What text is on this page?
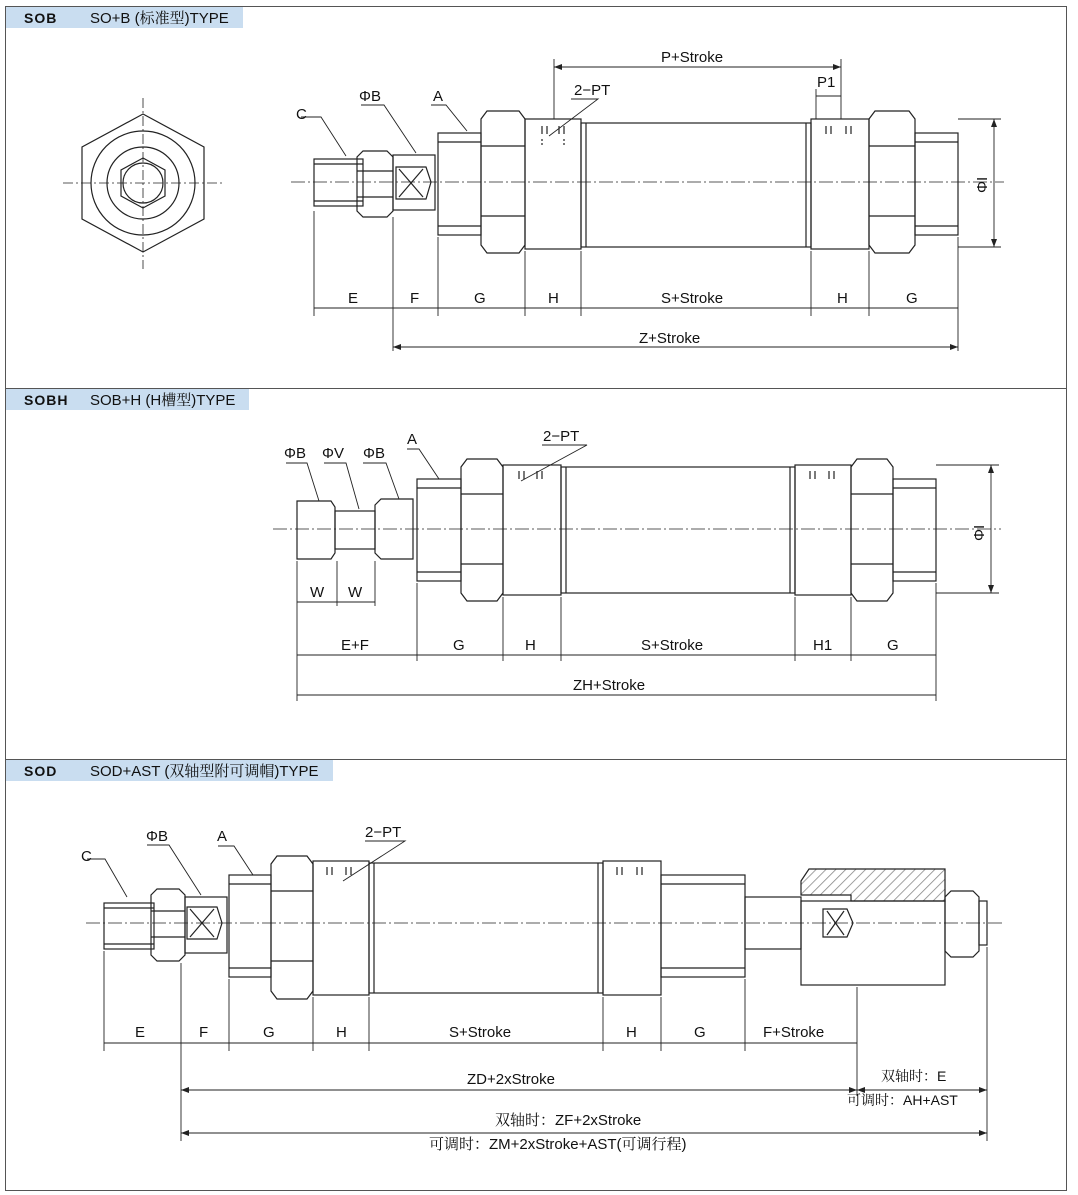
SOB	SO+B (标准型)TYPE
C
ΦB	A	2−PT
P+Stroke
P1
ΦI
E	F	G	H	S+Stroke	H	G
Z+Stroke
SOBH	SOB+H (H槽型)TYPE
ΦB ΦV ΦB
A	2−PT
ΦI
W W
E+F	G	H	S+Stroke	H1	G
ZH+Stroke
SOD	SOD+AST (双轴型附可调帽)TYPE
C
ΦB	A	2−PT
E	F	G	H	S+Stroke	H	G	F+Stroke
ZD+2xStroke	双轴时：E
可调时：AH+AST
双轴时：ZF+2xStroke
可调时：ZM+2xStroke+AST(可调行程)
